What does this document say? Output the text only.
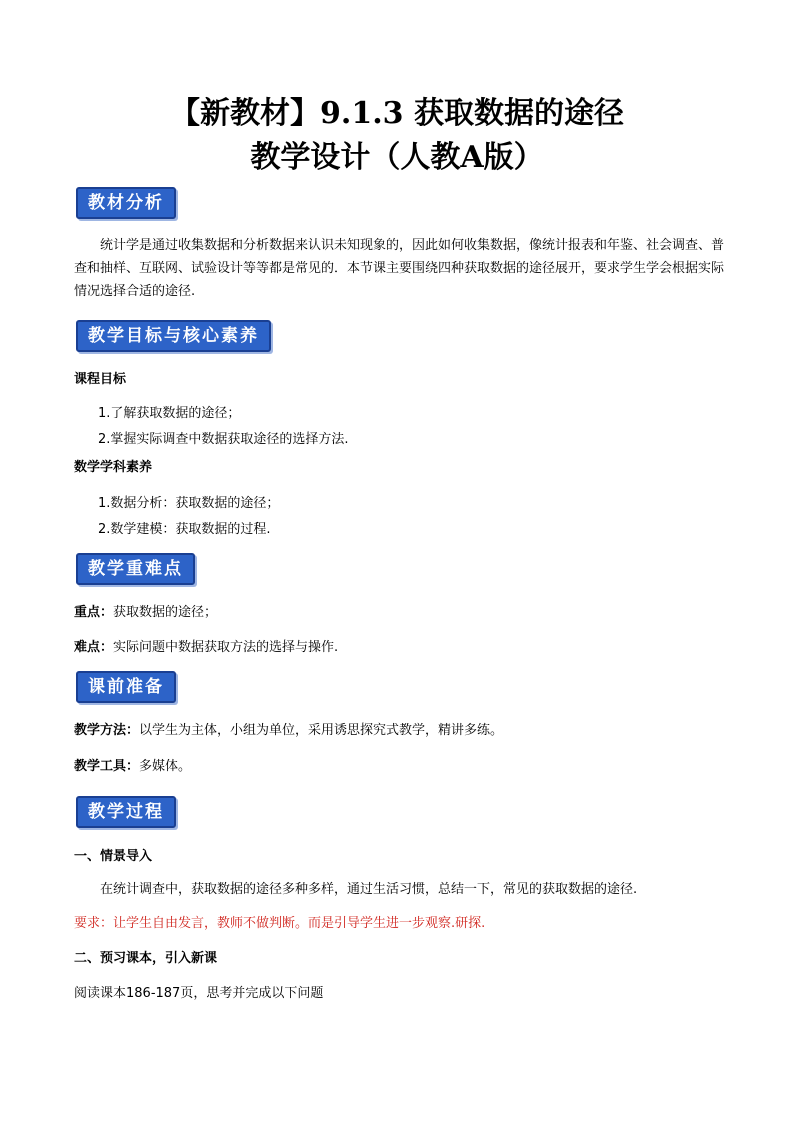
【新教材】9.1.3 获取数据的途径
教学设计（人教A版）
教材分析

统计学是通过收集数据和分析数据来认识未知现象的，因此如何收集数据，像统计报表和年鉴、社会调查、普查和抽样、互联网、试验设计等等都是常见的．本节课主要围绕四种获取数据的途径展开，要求学生学会根据实际情况选择合适的途径.

教学目标与核心素养

课程目标

1.了解获取数据的途径；

2.掌握实际调查中数据获取途径的选择方法.

数学学科素养

1.数据分析：获取数据的途径；

2.数学建模：获取数据的过程.

教学重难点

重点：获取数据的途径；

难点：实际问题中数据获取方法的选择与操作.

课前准备

教学方法：以学生为主体，小组为单位，采用诱思探究式教学，精讲多练。

教学工具：多媒体。

教学过程

一、情景导入

在统计调查中，获取数据的途径多种多样，通过生活习惯，总结一下，常见的获取数据的途径.

要求：让学生自由发言，教师不做判断。而是引导学生进一步观察.研探.

二、预习课本，引入新课

阅读课本186-187页，思考并完成以下问题
